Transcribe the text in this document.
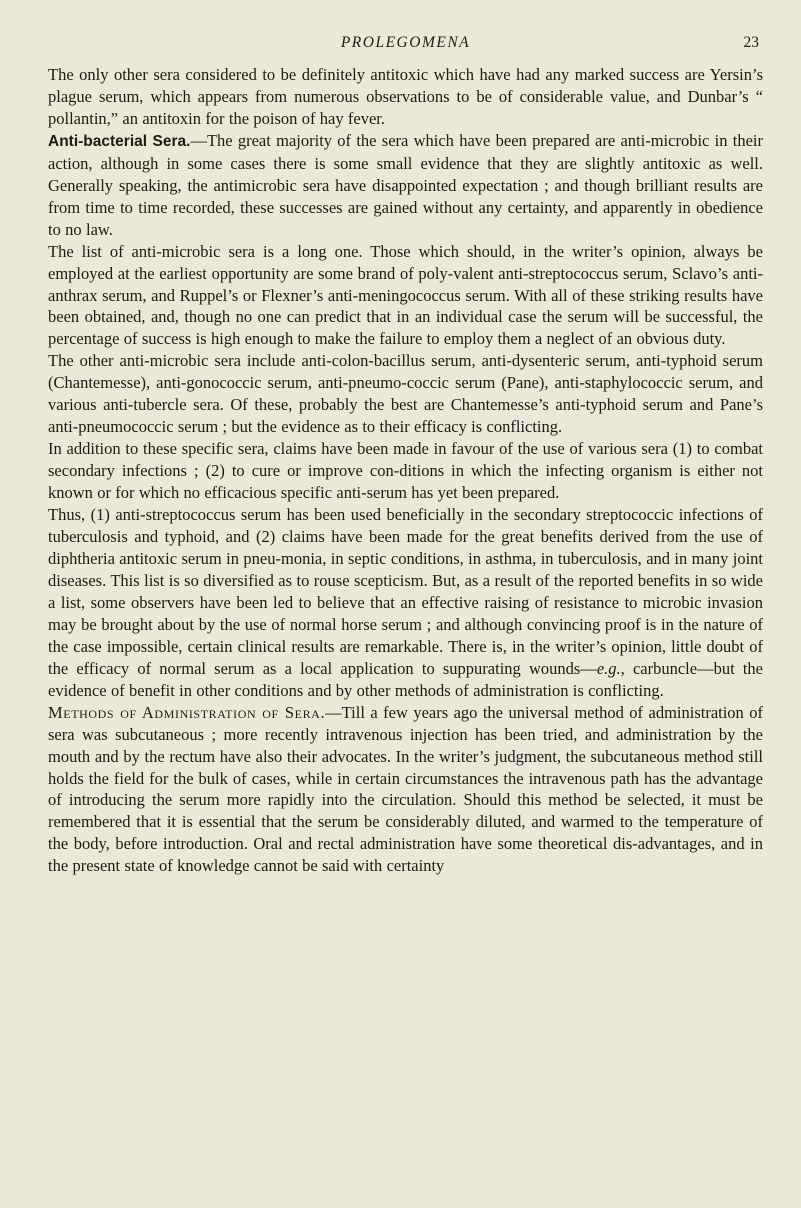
PROLEGOMENA	23

The only other sera considered to be definitely antitoxic which have had any marked success are Yersin’s plague serum, which appears from numerous observations to be of considerable value, and Dunbar’s “ pollantin,” an antitoxin for the poison of hay fever.

Anti-bacterial Sera.—The great majority of the sera which have been prepared are anti-microbic in their action, although in some cases there is some small evidence that they are slightly antitoxic as well. Generally speaking, the antimicrobic sera have disappointed expectation ; and though brilliant results are from time to time recorded, these successes are gained without any certainty, and apparently in obedience to no law.

The list of anti-microbic sera is a long one. Those which should, in the writer’s opinion, always be employed at the earliest opportunity are some brand of poly-valent anti-streptococcus serum, Sclavo’s anti-anthrax serum, and Ruppel’s or Flexner’s anti-meningococcus serum. With all of these striking results have been obtained, and, though no one can predict that in an individual case the serum will be successful, the percentage of success is high enough to make the failure to employ them a neglect of an obvious duty.

The other anti-microbic sera include anti-colon-bacillus serum, anti-dysenteric serum, anti-typhoid serum (Chantemesse), anti-gonococcic serum, anti-pneumo-coccic serum (Pane), anti-staphylococcic serum, and various anti-tubercle sera. Of these, probably the best are Chantemesse’s anti-typhoid serum and Pane’s anti-pneumococcic serum ; but the evidence as to their efficacy is conflicting.

In addition to these specific sera, claims have been made in favour of the use of various sera (1) to combat secondary infections ; (2) to cure or improve con-ditions in which the infecting organism is either not known or for which no efficacious specific anti-serum has yet been prepared.

Thus, (1) anti-streptococcus serum has been used beneficially in the secondary streptococcic infections of tuberculosis and typhoid, and (2) claims have been made for the great benefits derived from the use of diphtheria antitoxic serum in pneu-monia, in septic conditions, in asthma, in tuberculosis, and in many joint diseases. This list is so diversified as to rouse scepticism. But, as a result of the reported benefits in so wide a list, some observers have been led to believe that an effective raising of resistance to microbic invasion may be brought about by the use of normal horse serum ; and although convincing proof is in the nature of the case impossible, certain clinical results are remarkable. There is, in the writer’s opinion, little doubt of the efficacy of normal serum as a local application to suppurating wounds—e.g., carbuncle—but the evidence of benefit in other conditions and by other methods of administration is conflicting.

Methods of Administration of Sera.—Till a few years ago the universal method of administration of sera was subcutaneous ; more recently intravenous injection has been tried, and administration by the mouth and by the rectum have also their advocates. In the writer’s judgment, the subcutaneous method still holds the field for the bulk of cases, while in certain circumstances the intravenous path has the advantage of introducing the serum more rapidly into the circulation. Should this method be selected, it must be remembered that it is essential that the serum be considerably diluted, and warmed to the temperature of the body, before introduction. Oral and rectal administration have some theoretical dis-advantages, and in the present state of knowledge cannot be said with certainty
